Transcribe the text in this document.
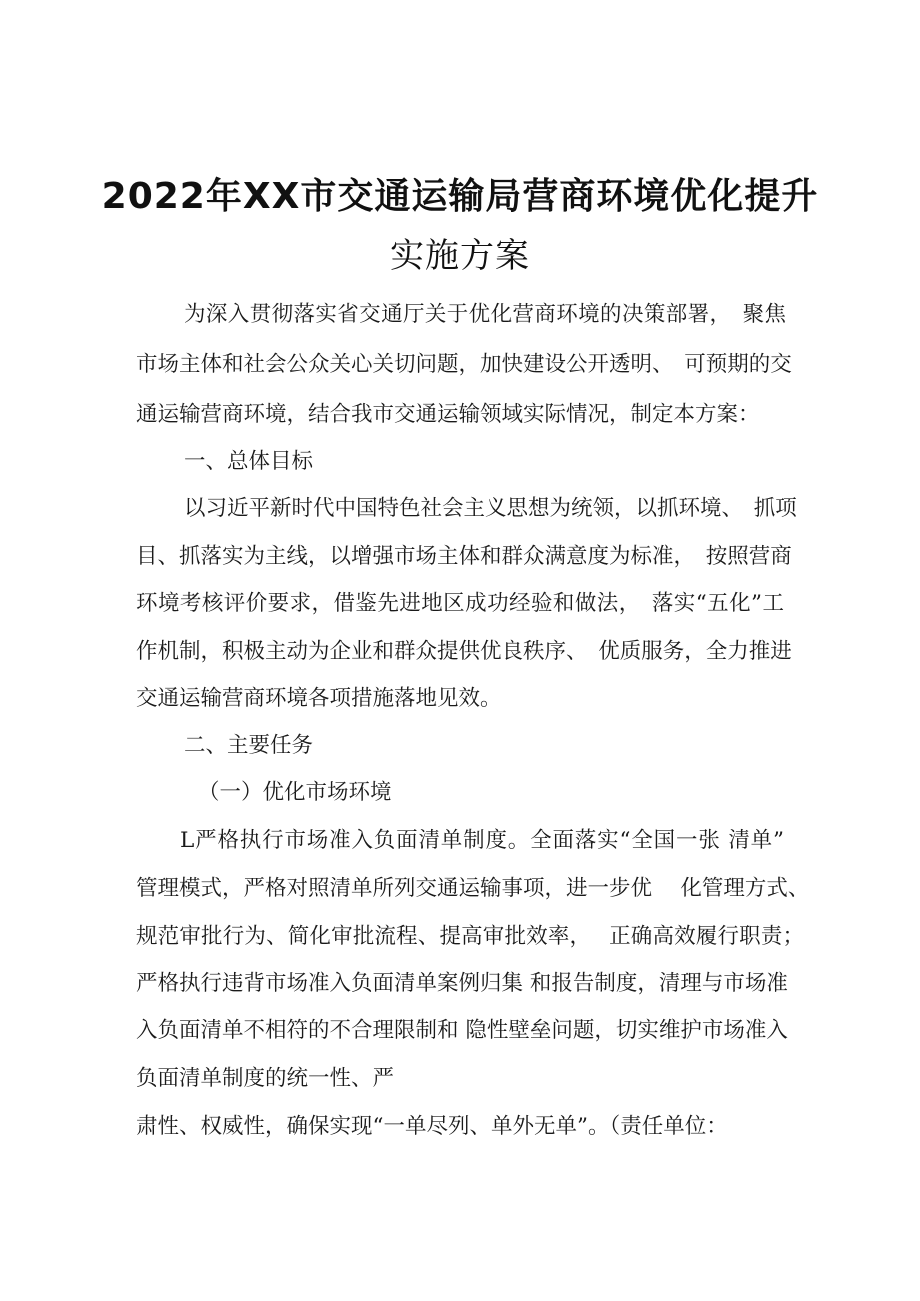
2022年XX市交通运输局营商环境优化提升
实施方案
为深入贯彻落实省交通厅关于优化营商环境的决策部署，　聚焦
市场主体和社会公众关心关切问题，加快建设公开透明、　可预期的交
通运输营商环境，结合我市交通运输领域实际情况，制定本方案：
一、总体目标
以习近平新时代中国特色社会主义思想为统领，以抓环境、　抓项
目、抓落实为主线，以增强市场主体和群众满意度为标准，　按照营商
环境考核评价要求，借鉴先进地区成功经验和做法，　落实“五化”工
作机制，积极主动为企业和群众提供优良秩序、　优质服务，全力推进
交通运输营商环境各项措施落地见效。
二、主要任务
（一）优化市场环境
L严格执行市场准入负面清单制度。全面落实“全国一张 清单”
管理模式，严格对照清单所列交通运输事项，进一步优　 化管理方式、
规范审批行为、简化审批流程、提高审批效率，　 正确高效履行职责；
严格执行违背市场准入负面清单案例归集 和报告制度，清理与市场准
入负面清单不相符的不合理限制和 隐性壁垒问题，切实维护市场准入
负面清单制度的统一性、严
肃性、权威性，确保实现“一单尽列、单外无单”。（责任单位：
